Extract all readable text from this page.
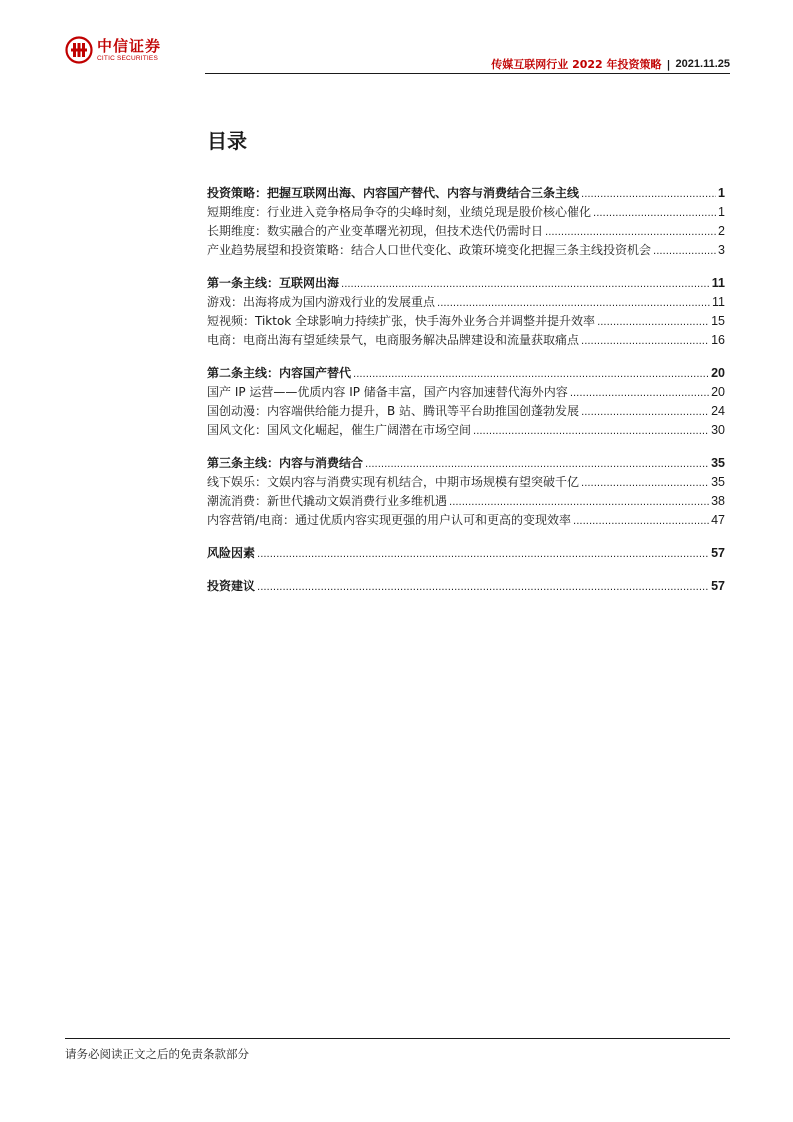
中信证券
CITIC SECURITIES	传媒互联网行业 2022 年投资策略 | 2021.11.25
目录
投资策略：把握互联网出海、内容国产替代、内容与消费结合三条主线 .....	1
短期维度：行业进入竞争格局争夺的尖峰时刻，业绩兑现是股价核心催化 .....	1
长期维度：数实融合的产业变革曙光初现，但技术迭代仍需时日 .....	2
产业趋势展望和投资策略：结合人口世代变化、政策环境变化把握三条主线投资机会 .....	3
第一条主线：互联网出海 .....	11
游戏：出海将成为国内游戏行业的发展重点 .....	11
短视频：Tiktok 全球影响力持续扩张，快手海外业务合并调整并提升效率 .....	15
电商：电商出海有望延续景气，电商服务解决品牌建设和流量获取痛点 .....	16
第二条主线：内容国产替代 .....	20
国产 IP 运营——优质内容 IP 储备丰富，国产内容加速替代海外内容 .....	20
国创动漫：内容端供给能力提升，B 站、腾讯等平台助推国创蓬勃发展 .....	24
国风文化：国风文化崛起，催生广阔潜在市场空间 .....	30
第三条主线：内容与消费结合 .....	35
线下娱乐：文娱内容与消费实现有机结合，中期市场规模有望突破千亿 .....	35
潮流消费：新世代撬动文娱消费行业多维机遇 .....	38
内容营销/电商：通过优质内容实现更强的用户认可和更高的变现效率 .....	47
风险因素 .....	57
投资建议 .....	57
请务必阅读正文之后的免责条款部分
